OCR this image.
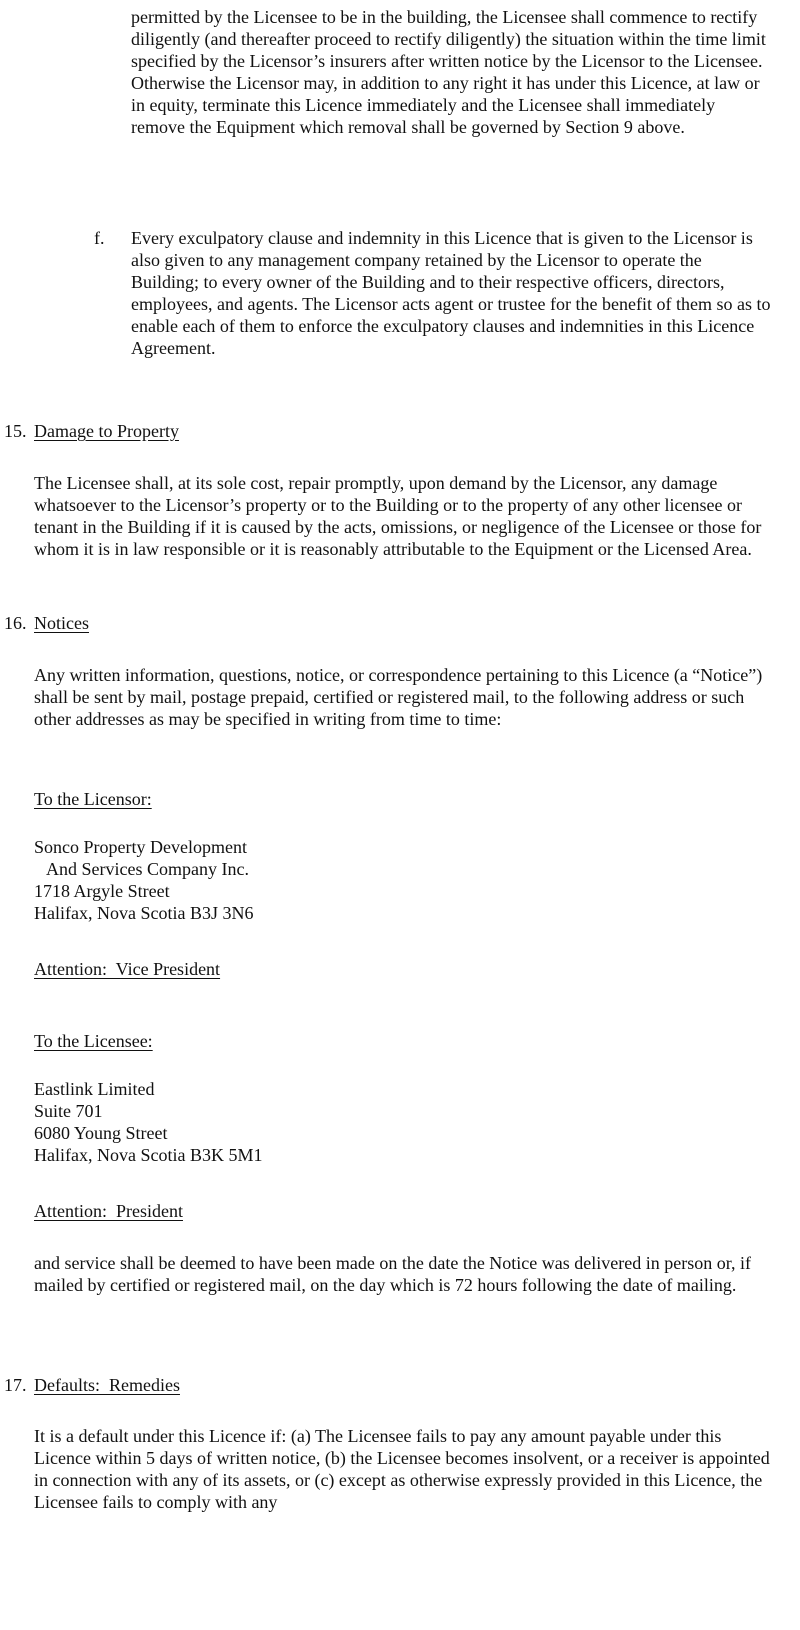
permitted by the Licensee to be in the building, the Licensee shall commence to rectify diligently (and thereafter proceed to rectify diligently) the situation within the time limit specified by the Licensor’s insurers after written notice by the Licensor to the Licensee. Otherwise the Licensor may, in addition to any right it has under this Licence, at law or in equity, terminate this Licence immediately and the Licensee shall immediately remove the Equipment which removal shall be governed by Section 9 above.

f. Every exculpatory clause and indemnity in this Licence that is given to the Licensor is also given to any management company retained by the Licensor to operate the Building; to every owner of the Building and to their respective officers, directors, employees, and agents. The Licensor acts agent or trustee for the benefit of them so as to enable each of them to enforce the exculpatory clauses and indemnities in this Licence Agreement.

15. Damage to Property

The Licensee shall, at its sole cost, repair promptly, upon demand by the Licensor, any damage whatsoever to the Licensor’s property or to the Building or to the property of any other licensee or tenant in the Building if it is caused by the acts, omissions, or negligence of the Licensee or those for whom it is in law responsible or it is reasonably attributable to the Equipment or the Licensed Area.

16. Notices

Any written information, questions, notice, or correspondence pertaining to this Licence (a “Notice”) shall be sent by mail, postage prepaid, certified or registered mail, to the following address or such other addresses as may be specified in writing from time to time:

To the Licensor:
Sonco Property Development
And Services Company Inc.
1718 Argyle Street
Halifax, Nova Scotia B3J 3N6
Attention:  Vice President
To the Licensee:
Eastlink Limited
Suite 701
6080 Young Street
Halifax, Nova Scotia B3K 5M1
Attention:  President

and service shall be deemed to have been made on the date the Notice was delivered in person or, if mailed by certified or registered mail, on the day which is 72 hours following the date of mailing.

17. Defaults:  Remedies

It is a default under this Licence if: (a) The Licensee fails to pay any amount payable under this Licence within 5 days of written notice, (b) the Licensee becomes insolvent, or a receiver is appointed in connection with any of its assets, or (c) except as otherwise expressly provided in this Licence, the Licensee fails to comply with any
